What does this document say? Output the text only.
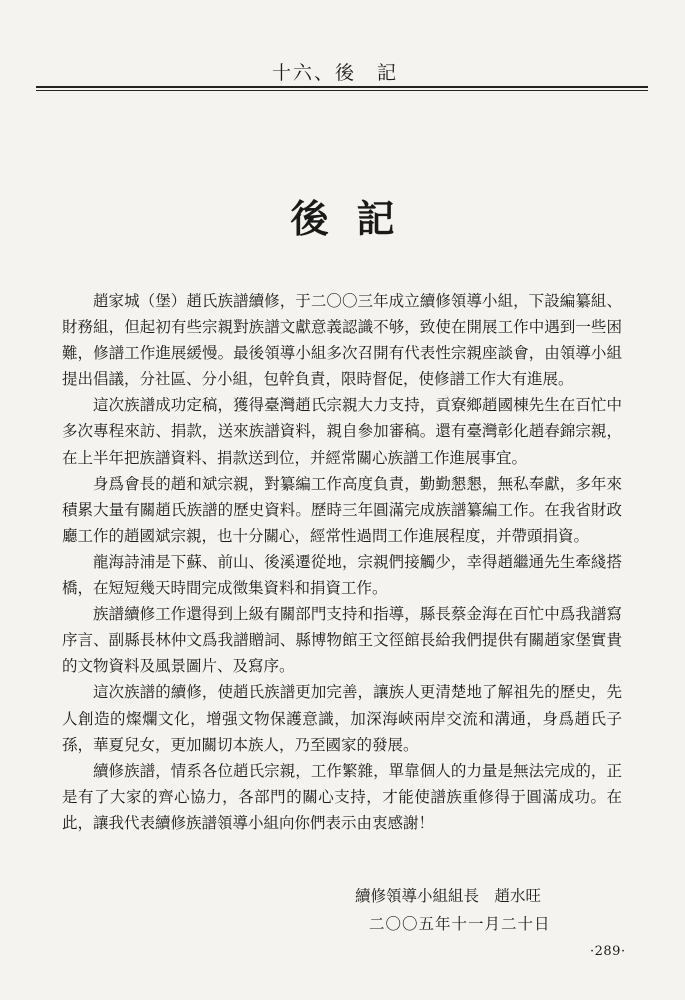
十六、後　記
後記

趙家城（堡）趙氏族譜續修，于二〇〇三年成立續修領導小組，下設編纂組、財務組，但起初有些宗親對族譜文獻意義認識不够，致使在開展工作中遇到一些困難，修譜工作進展緩慢。最後領導小組多次召開有代表性宗親座談會，由領導小組提出倡議，分社區、分小組，包幹負責，限時督促，使修譜工作大有進展。

這次族譜成功定稿，獲得臺灣趙氏宗親大力支持，貢寮鄉趙國棟先生在百忙中多次專程來訪、捐款，送來族譜資料，親自參加審稿。還有臺灣彰化趙春錦宗親，在上半年把族譜資料、捐款送到位，并經常關心族譜工作進展事宜。

身爲會長的趙和斌宗親，對纂編工作高度負責，勤勤懇懇，無私奉獻，多年來積累大量有關趙氏族譜的歷史資料。歷時三年圓滿完成族譜纂編工作。在我省財政廳工作的趙國斌宗親，也十分關心，經常性過問工作進展程度，并帶頭捐資。

龍海詩浦是下蘇、前山、後溪遷從地，宗親們接觸少，幸得趙繼通先生牽綫搭橋，在短短幾天時間完成徵集資料和捐資工作。

族譜續修工作還得到上級有關部門支持和指導，縣長蔡金海在百忙中爲我譜寫序言、副縣長林仲文爲我譜贈詞、縣博物館王文徑館長給我們提供有關趙家堡實貴的文物資料及風景圖片、及寫序。

這次族譜的續修，使趙氏族譜更加完善，讓族人更清楚地了解祖先的歷史，先人創造的燦爛文化，增强文物保護意識，加深海峽兩岸交流和溝通，身爲趙氏子孫，華夏兒女，更加關切本族人，乃至國家的發展。

續修族譜，情系各位趙氏宗親，工作繁雜，單靠個人的力量是無法完成的，正是有了大家的齊心協力，各部門的關心支持，才能使譜族重修得于圓滿成功。在此，讓我代表續修族譜領導小組向你們表示由衷感謝！

續修領導小組組長　趙水旺
二〇〇五年十一月二十日
·289·
